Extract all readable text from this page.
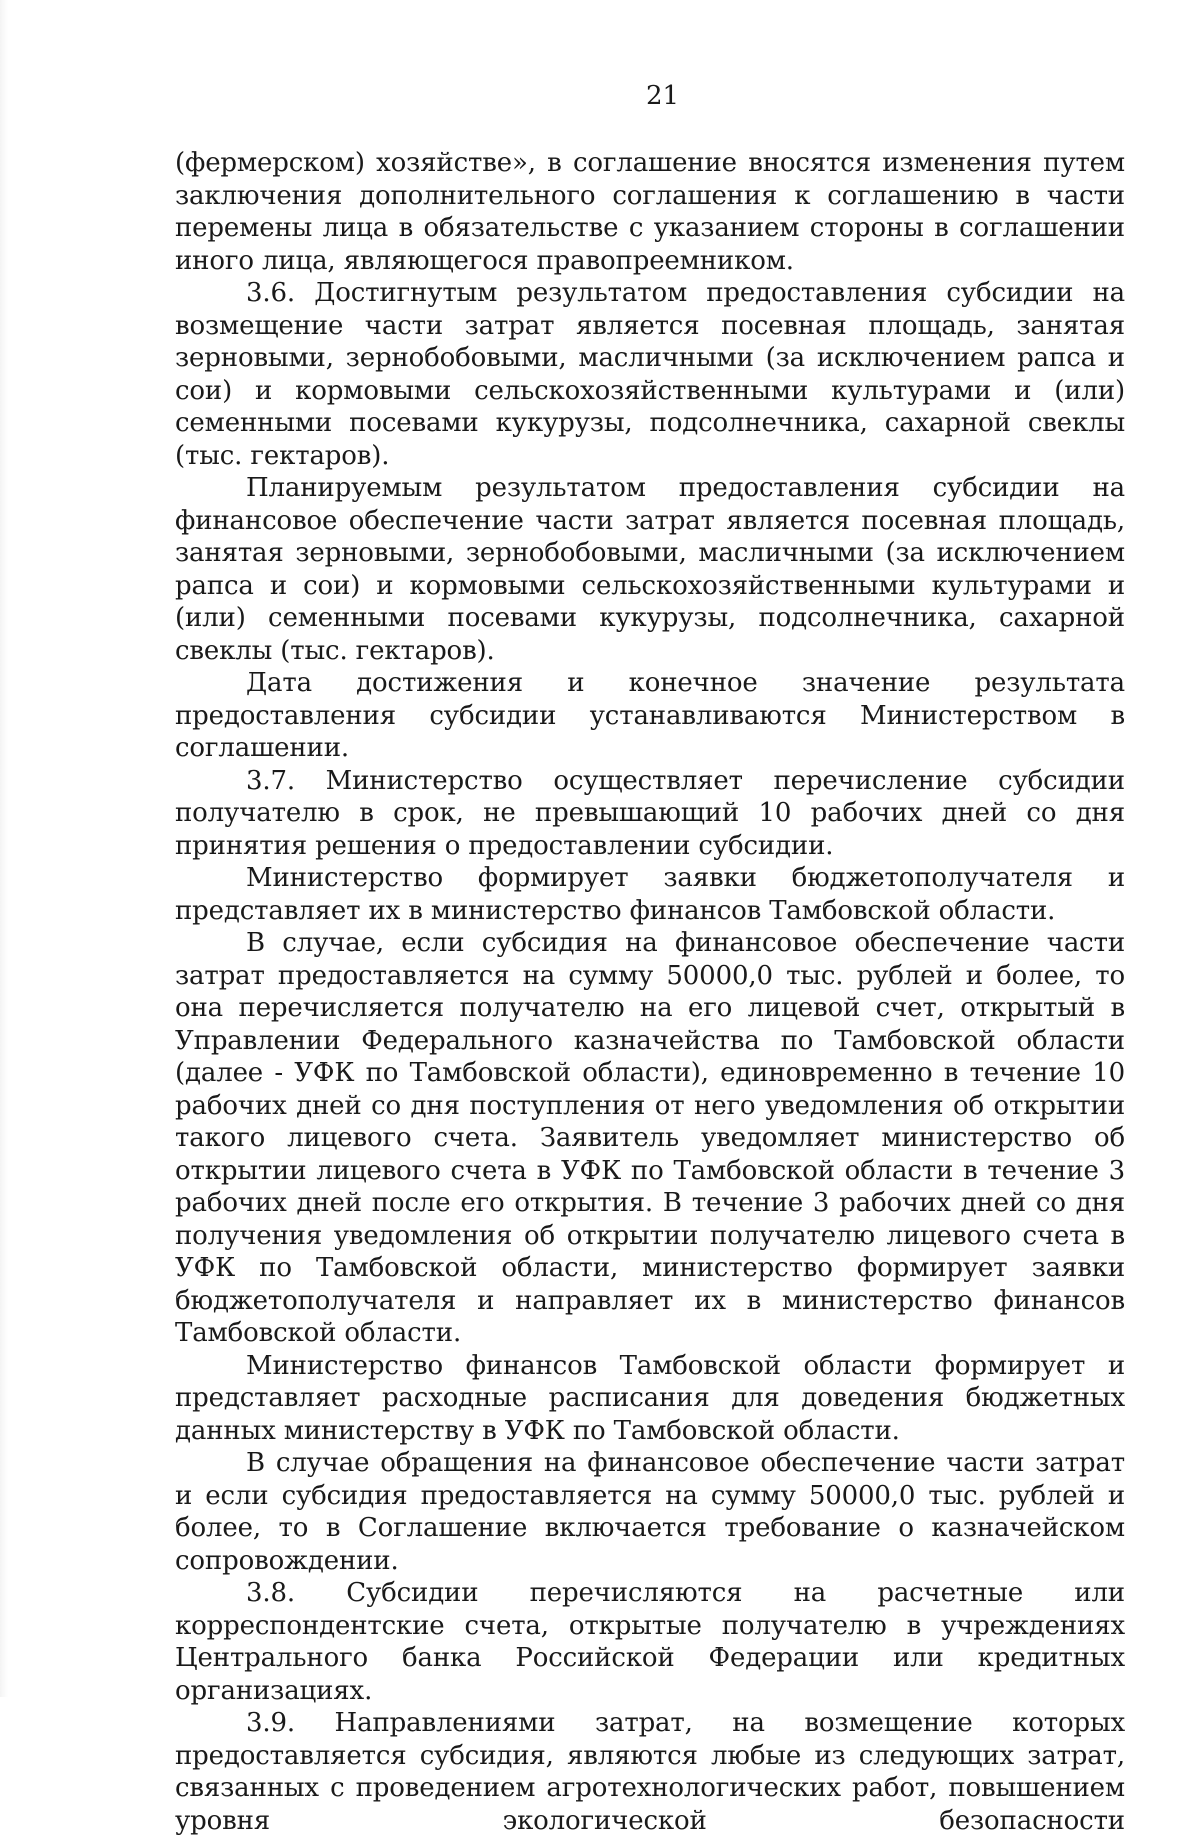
21

(фермерском) хозяйстве», в соглашение вносятся изменения путем заключения дополнительного соглашения к соглашению в части перемены лица в обязательстве с указанием стороны в соглашении иного лица, являющегося правопреемником.

3.6. Достигнутым результатом предоставления субсидии на возмещение части затрат является посевная площадь, занятая зерновыми, зернобобовыми, масличными (за исключением рапса и сои) и кормовыми сельскохозяйственными культурами и (или) семенными посевами кукурузы, подсолнечника, сахарной свеклы (тыс. гектаров).

Планируемым результатом предоставления субсидии на финансовое обеспечение части затрат является посевная площадь, занятая зерновыми, зернобобовыми, масличными (за исключением рапса и сои) и кормовыми сельскохозяйственными культурами и (или) семенными посевами кукурузы, подсолнечника, сахарной свеклы (тыс. гектаров).

Дата достижения и конечное значение результата предоставления субсидии устанавливаются Министерством в соглашении.

3.7. Министерство осуществляет перечисление субсидии получателю в срок, не превышающий 10 рабочих дней со дня принятия решения о предоставлении субсидии.

Министерство формирует заявки бюджетополучателя и представляет их в министерство финансов Тамбовской области.

В случае, если субсидия на финансовое обеспечение части затрат предоставляется на сумму 50000,0 тыс. рублей и более, то она перечисляется получателю на его лицевой счет, открытый в Управлении Федерального казначейства по Тамбовской области (далее - УФК по Тамбовской области), единовременно в течение 10 рабочих дней со дня поступления от него уведомления об открытии такого лицевого счета. Заявитель уведомляет министерство об открытии лицевого счета в УФК по Тамбовской области в течение 3 рабочих дней после его открытия. В течение 3 рабочих дней со дня получения уведомления об открытии получателю лицевого счета в УФК по Тамбовской области, министерство формирует заявки бюджетополучателя и направляет их в министерство финансов Тамбовской области.

Министерство финансов Тамбовской области формирует и представляет расходные расписания для доведения бюджетных данных министерству в УФК по Тамбовской области.

В случае обращения на финансовое обеспечение части затрат и если субсидия предоставляется на сумму 50000,0 тыс. рублей и более, то в Соглашение включается требование о казначейском сопровождении.

3.8. Субсидии перечисляются на расчетные или корреспондентские счета, открытые получателю в учреждениях Центрального банка Российской Федерации или кредитных организациях.

3.9. Направлениями затрат, на возмещение которых предоставляется субсидия, являются любые из следующих затрат, связанных с проведением агротехнологических работ, повышением уровня экологической безопасности
